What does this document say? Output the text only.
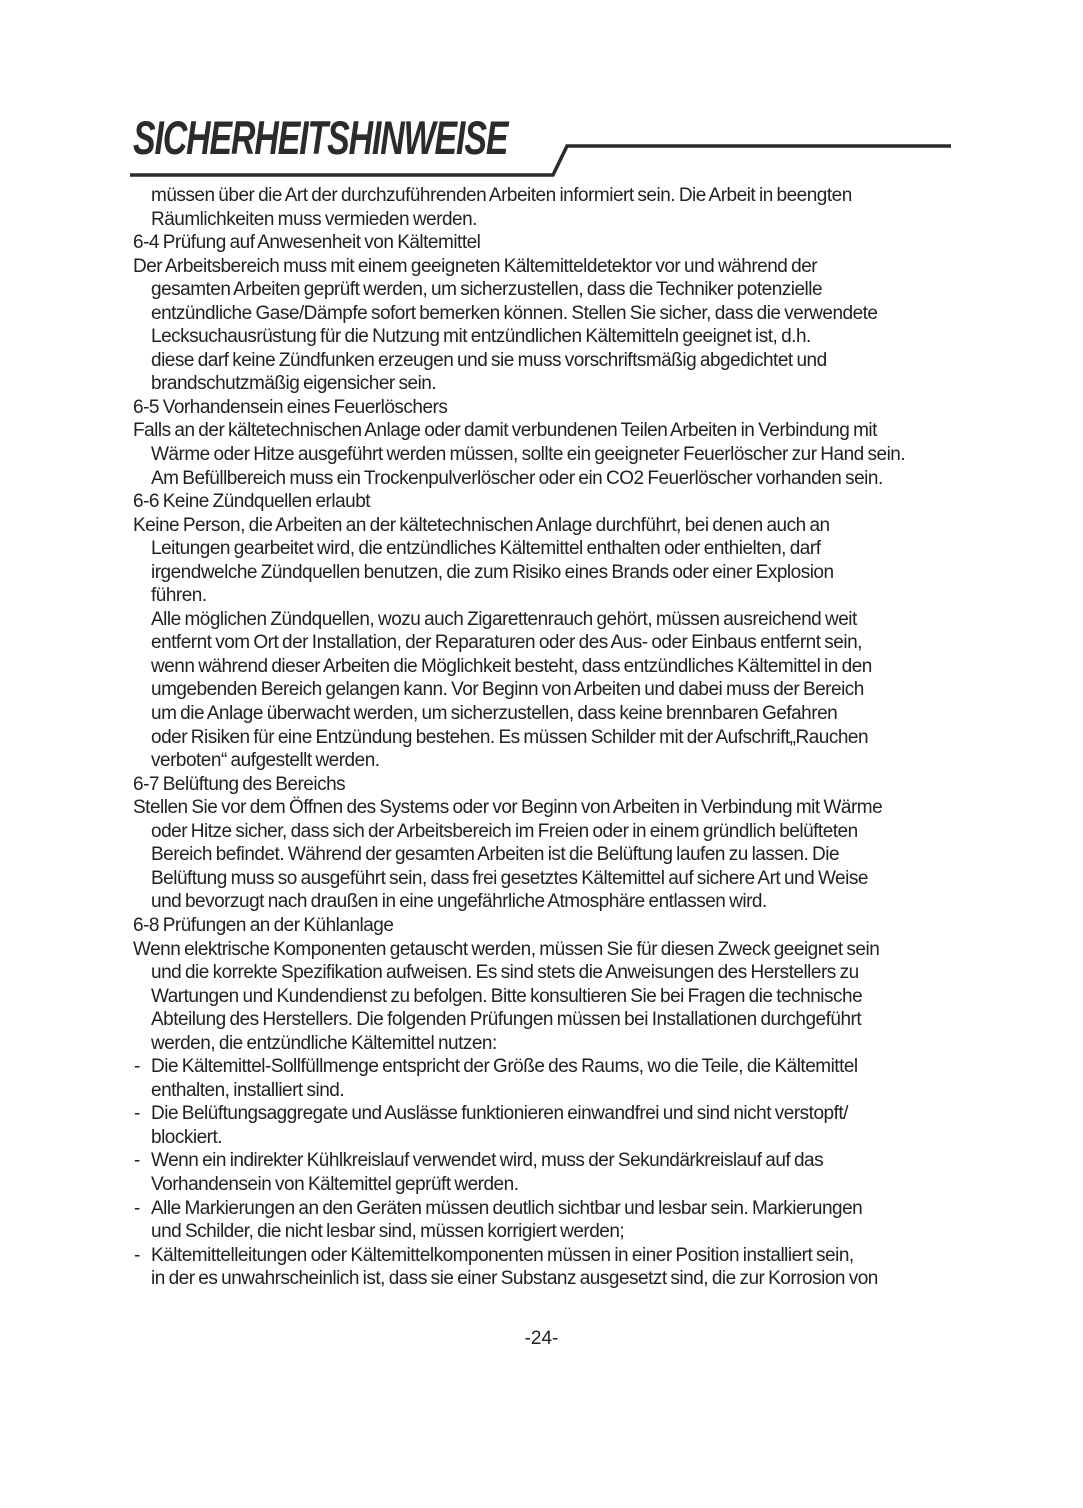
SICHERHEITSHINWEISE
müssen über die Art der durchzuführenden Arbeiten informiert sein. Die Arbeit in beengten
Räumlichkeiten muss vermieden werden.
6-4 Prüfung auf Anwesenheit von Kältemittel
Der Arbeitsbereich muss mit einem geeigneten Kältemitteldetektor vor und während der
gesamten Arbeiten geprüft werden, um sicherzustellen, dass die Techniker potenzielle
entzündliche Gase/Dämpfe sofort bemerken können. Stellen Sie sicher, dass die verwendete
Lecksuchausrüstung für die Nutzung mit entzündlichen Kältemitteln geeignet ist, d.h.
diese darf keine Zündfunken erzeugen und sie muss vorschriftsmäßig abgedichtet und
brandschutzmäßig eigensicher sein.
6-5 Vorhandensein eines Feuerlöschers
Falls an der kältetechnischen Anlage oder damit verbundenen Teilen Arbeiten in Verbindung mit
Wärme oder Hitze ausgeführt werden müssen, sollte ein geeigneter Feuerlöscher zur Hand sein.
Am Befüllbereich muss ein Trockenpulverlöscher oder ein CO2 Feuerlöscher vorhanden sein.
6-6 Keine Zündquellen erlaubt
Keine Person, die Arbeiten an der kältetechnischen Anlage durchführt, bei denen auch an
Leitungen gearbeitet wird, die entzündliches Kältemittel enthalten oder enthielten, darf
irgendwelche Zündquellen benutzen, die zum Risiko eines Brands oder einer Explosion
führen.
Alle möglichen Zündquellen, wozu auch Zigarettenrauch gehört, müssen ausreichend weit
entfernt vom Ort der Installation, der Reparaturen oder des Aus- oder Einbaus entfernt sein,
wenn während dieser Arbeiten die Möglichkeit besteht, dass entzündliches Kältemittel in den
umgebenden Bereich gelangen kann. Vor Beginn von Arbeiten und dabei muss der Bereich
um die Anlage überwacht werden, um sicherzustellen, dass keine brennbaren Gefahren
oder Risiken für eine Entzündung bestehen. Es müssen Schilder mit der Aufschrift„Rauchen
verboten“ aufgestellt werden.
6-7 Belüftung des Bereichs
Stellen Sie vor dem Öffnen des Systems oder vor Beginn von Arbeiten in Verbindung mit Wärme
oder Hitze sicher, dass sich der Arbeitsbereich im Freien oder in einem gründlich belüfteten
Bereich befindet. Während der gesamten Arbeiten ist die Belüftung laufen zu lassen. Die
Belüftung muss so ausgeführt sein, dass frei gesetztes Kältemittel auf sichere Art und Weise
und bevorzugt nach draußen in eine ungefährliche Atmosphäre entlassen wird.
6-8 Prüfungen an der Kühlanlage
Wenn elektrische Komponenten getauscht werden, müssen Sie für diesen Zweck geeignet sein
und die korrekte Spezifikation aufweisen. Es sind stets die Anweisungen des Herstellers zu
Wartungen und Kundendienst zu befolgen. Bitte konsultieren Sie bei Fragen die technische
Abteilung des Herstellers. Die folgenden Prüfungen müssen bei Installationen durchgeführt
werden, die entzündliche Kältemittel nutzen:
- Die Kältemittel-Sollfüllmenge entspricht der Größe des Raums, wo die Teile, die Kältemittel
enthalten, installiert sind.
- Die Belüftungsaggregate und Auslässe funktionieren einwandfrei und sind nicht verstopft/
blockiert.
- Wenn ein indirekter Kühlkreislauf verwendet wird, muss der Sekundärkreislauf auf das
Vorhandensein von Kältemittel geprüft werden.
- Alle Markierungen an den Geräten müssen deutlich sichtbar und lesbar sein. Markierungen
und Schilder, die nicht lesbar sind, müssen korrigiert werden;
- Kältemittelleitungen oder Kältemittelkomponenten müssen in einer Position installiert sein,
in der es unwahrscheinlich ist, dass sie einer Substanz ausgesetzt sind, die zur Korrosion von
-24-
